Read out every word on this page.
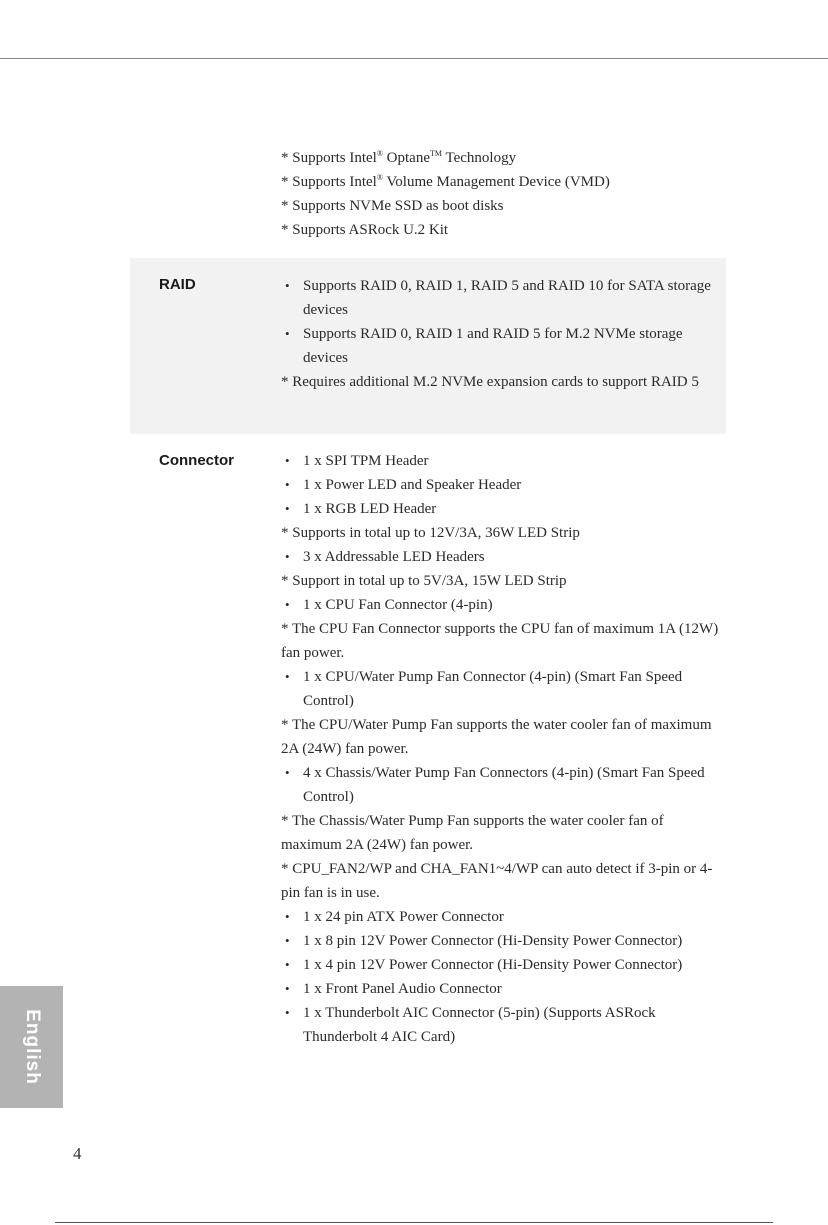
* Supports Intel® Optane™ Technology
* Supports Intel® Volume Management Device (VMD)
* Supports NVMe SSD as boot disks
* Supports ASRock U.2 Kit
RAID	• Supports RAID 0, RAID 1, RAID 5 and RAID 10 for SATA storage devices
• Supports RAID 0, RAID 1 and RAID 5 for M.2 NVMe storage devices
* Requires additional M.2 NVMe expansion cards to support RAID 5
Connector	• 1 x SPI TPM Header
• 1 x Power LED and Speaker Header
• 1 x RGB LED Header
* Supports in total up to 12V/3A, 36W LED Strip
• 3 x Addressable LED Headers
* Support in total up to 5V/3A, 15W LED Strip
• 1 x CPU Fan Connector (4-pin)
* The CPU Fan Connector supports the CPU fan of maximum 1A (12W) fan power.
• 1 x CPU/Water Pump Fan Connector (4-pin) (Smart Fan Speed Control)
* The CPU/Water Pump Fan supports the water cooler fan of maximum 2A (24W) fan power.
• 4 x Chassis/Water Pump Fan Connectors (4-pin) (Smart Fan Speed Control)
* The Chassis/Water Pump Fan supports the water cooler fan of maximum 2A (24W) fan power.
* CPU_FAN2/WP and CHA_FAN1~4/WP can auto detect if 3-pin or 4-pin fan is in use.
• 1 x 24 pin ATX Power Connector
• 1 x 8 pin 12V Power Connector (Hi-Density Power Connector)
• 1 x 4 pin 12V Power Connector (Hi-Density Power Connector)
• 1 x Front Panel Audio Connector
• 1 x Thunderbolt AIC Connector (5-pin) (Supports ASRock Thunderbolt 4 AIC Card)
English
4
